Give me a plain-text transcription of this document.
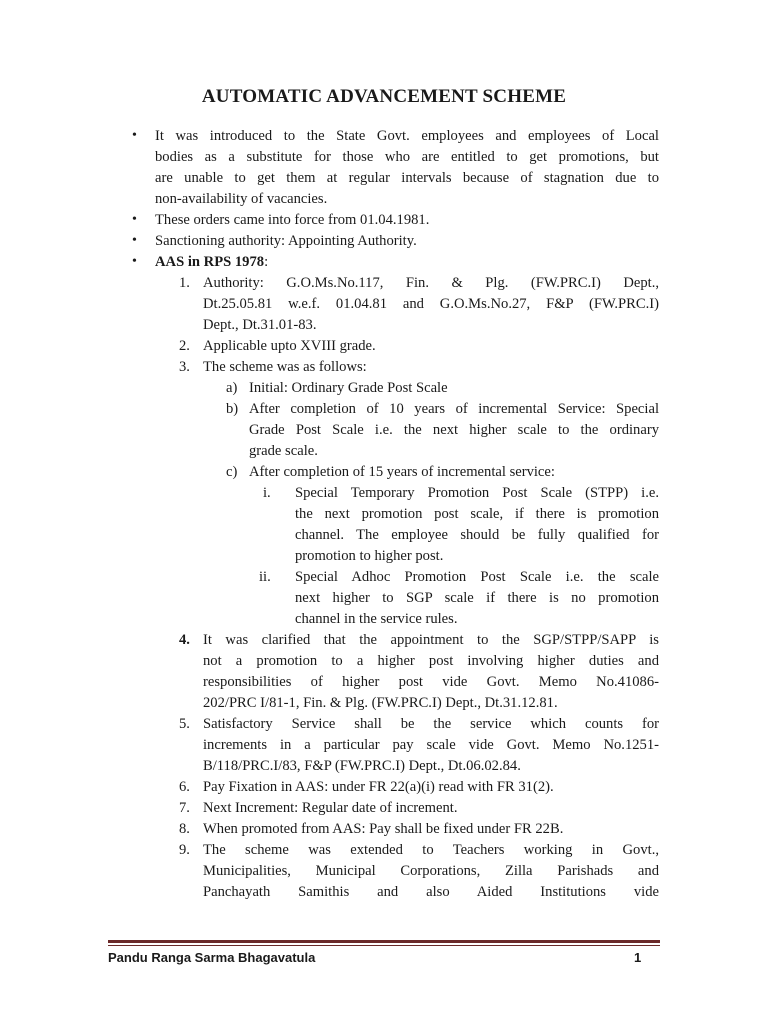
AUTOMATIC ADVANCEMENT SCHEME
• It was introduced to the State Govt. employees and employees of Local
bodies as a substitute for those who are entitled to get promotions, but
are unable to get them at regular intervals because of stagnation due to
non-availability of vacancies.
• These orders came into force from 01.04.1981.
• Sanctioning authority: Appointing Authority.
• AAS in RPS 1978:
1. Authority: G.O.Ms.No.117, Fin. & Plg. (FW.PRC.I) Dept.,
Dt.25.05.81 w.e.f. 01.04.81 and G.O.Ms.No.27, F&P (FW.PRC.I)
Dept., Dt.31.01-83.
2. Applicable upto XVIII grade.
3. The scheme was as follows:
a) Initial: Ordinary Grade Post Scale
b) After completion of 10 years of incremental Service: Special
Grade Post Scale i.e. the next higher scale to the ordinary
grade scale.
c) After completion of 15 years of incremental service:
i. Special Temporary Promotion Post Scale (STPP) i.e.
the next promotion post scale, if there is promotion
channel. The employee should be fully qualified for
promotion to higher post.
ii. Special Adhoc Promotion Post Scale i.e. the scale
next higher to SGP scale if there is no promotion
channel in the service rules.
4. It was clarified that the appointment to the SGP/STPP/SAPP is
not a promotion to a higher post involving higher duties and
responsibilities of higher post vide Govt. Memo No.41086-
202/PRC I/81-1, Fin. & Plg. (FW.PRC.I) Dept., Dt.31.12.81.
5. Satisfactory Service shall be the service which counts for
increments in a particular pay scale vide Govt. Memo No.1251-
B/118/PRC.I/83, F&P (FW.PRC.I) Dept., Dt.06.02.84.
6. Pay Fixation in AAS: under FR 22(a)(i) read with FR 31(2).
7. Next Increment: Regular date of increment.
8. When promoted from AAS: Pay shall be fixed under FR 22B.
9. The scheme was extended to Teachers working in Govt.,
Municipalities, Municipal Corporations, Zilla Parishads and
Panchayath Samithis and also Aided Institutions vide
Pandu Ranga Sarma Bhagavatula	1
